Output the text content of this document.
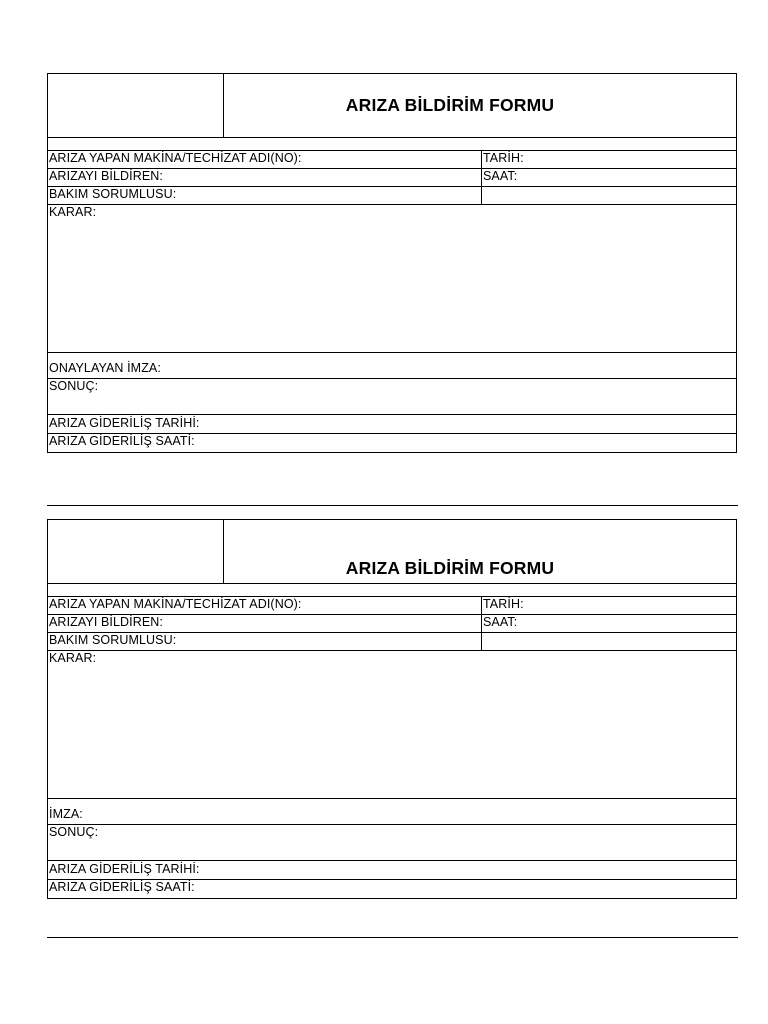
ARIZA BİLDİRİM FORMU
ARIZA YAPAN MAKİNA/TECHİZAT ADI(NO):	TARİH:
ARIZAYI BİLDİREN:	SAAT:
BAKIM SORUMLUSU:
KARAR:
ONAYLAYAN İMZA:
SONUÇ:
ARIZA GİDERİLİŞ TARİHİ:
ARIZA GİDERİLİŞ SAATİ:
ARIZA BİLDİRİM FORMU
ARIZA YAPAN MAKİNA/TECHİZAT ADI(NO):	TARİH:
ARIZAYI BİLDİREN:	SAAT:
BAKIM SORUMLUSU:
KARAR:
İMZA:
SONUÇ:
ARIZA GİDERİLİŞ TARİHİ:
ARIZA GİDERİLİŞ SAATİ:
